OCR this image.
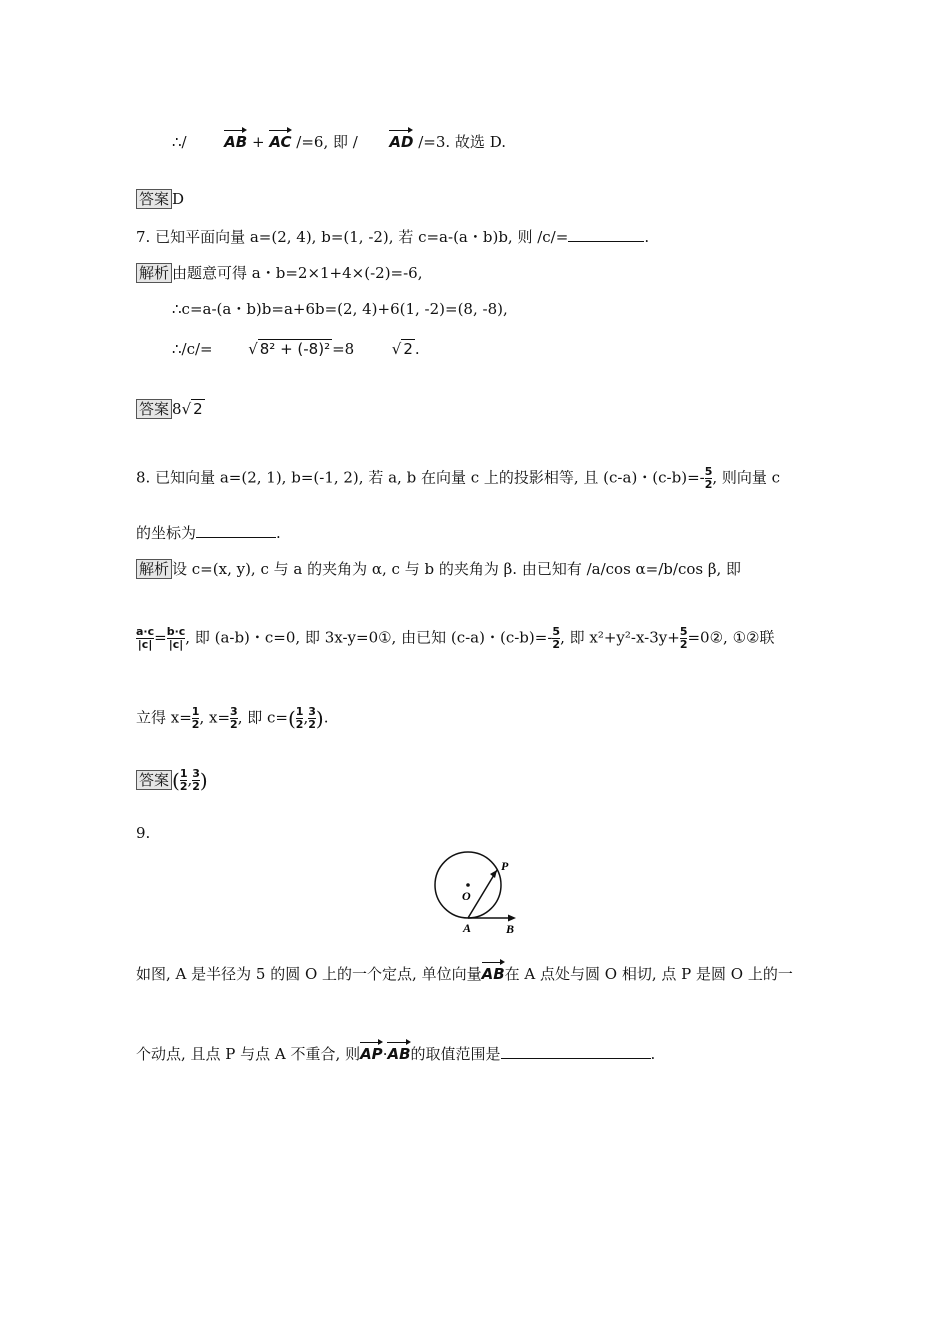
∴/	AB + AC /=6, 即 / AD /=3. 故选 D.
答案 D
7. 已知平面向量 a=(2, 4), b=(1, -2), 若 c=a-(a・b)b, 则 /c/=	.
解析 由题意可得 a・b=2×1+4×(-2)=-6,
∴c=a-(a・b)b=a+6b=(2, 4)+6(1, -2)=(8, -8),
∴/c/= √ 8² + (-8)² =8	√ 2 .
答案 8√ 2
8. 已知向量 a=(2, 1), b=(-1, 2), 若 a, b 在向量 c 上的投影相等, 且 (c-a)・$(c-b)=- \frac{5}{2}$ , 则向量 c
的坐标为	.
解析 设 c=(x, y), c 与 a 的夹角为 α, c 与 b 的夹角为 β. 由已知有 /a/cos α=/b/cos β, 即
$\frac{a\cdot c}{|c|} = \frac{b\cdot c}{|c|}$ , 即 (a-b)・c=0, 即 3x-y=0①, 由已知 (c-a)・$(c-b)=- \frac{5}{2}$ , 即 $x^2+y^2-x-3y+ \frac{5}{2}$ =0②, ①②联
立得 $x= \frac{1}{2}$ , $x= \frac{3}{2}$ , 即 $c=( \frac{1}{2}$ , $\frac{3}{2}$ ).
答案 ( $\frac{1}{2}$ , $\frac{3}{2}$ )
9.
O
P
A	B
如图, A 是半径为 5 的圆 O 上的一个定点, 单位向量AB在 A 点处与圆 O 相切, 点 P 是圆 O 上的一
个动点, 且点 P 与点 A 不重合, 则AP·AB的取值范围是	.
